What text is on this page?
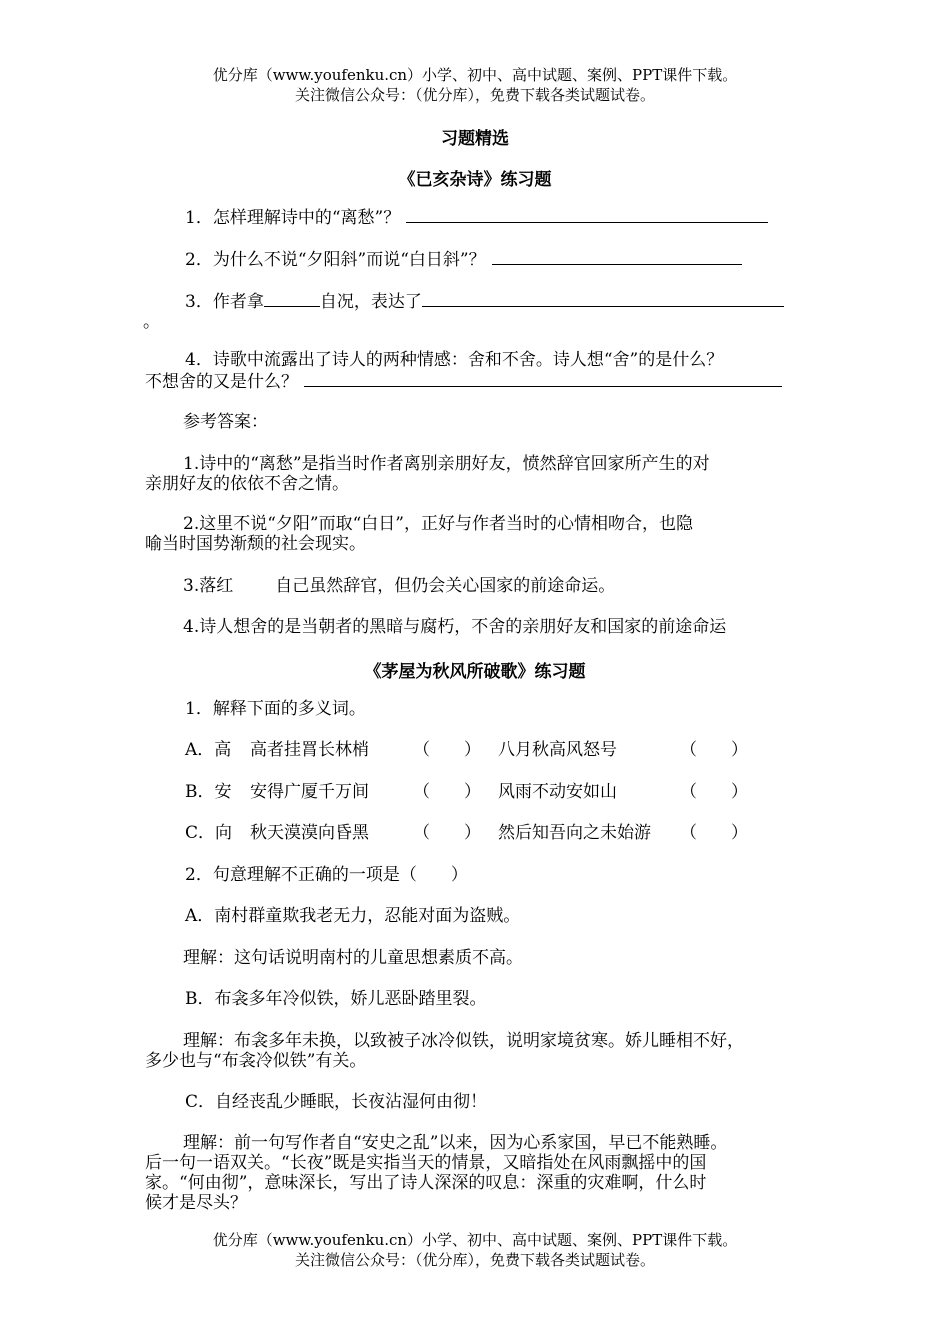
优分库（www.youfenku.cn）小学、初中、高中试题、案例、PPT课件下载。
关注微信公众号：（优分库），免费下载各类试题试卷。
习题精选
《已亥杂诗》练习题
1．怎样理解诗中的“离愁”？
2．为什么不说“夕阳斜”而说“白日斜”？
3．作者拿	自况，表达了
。
4．诗歌中流露出了诗人的两种情感：舍和不舍。诗人想“舍”的是什么？
不想舍的又是什么？
参考答案：
1.诗中的“离愁”是指当时作者离别亲朋好友，愤然辞官回家所产生的对
亲朋好友的依依不舍之情。
2.这里不说“夕阳”而取“白日”，正好与作者当时的心情相吻合，也隐
喻当时国势渐颓的社会现实。
3.落红 自己虽然辞官，但仍会关心国家的前途命运。
4.诗人想舍的是当朝者的黑暗与腐朽，不舍的亲朋好友和国家的前途命运
《茅屋为秋风所破歌》练习题
1．解释下面的多义词。
A．高 高者挂罥长林梢	（　　） 八月秋高风怒号	（　　）
B．安 安得广厦千万间	（　　） 风雨不动安如山	（　　）
C．向 秋天漠漠向昏黑	（　　） 然后知吾向之未始游 （　　）
2．句意理解不正确的一项是（　　）
A．南村群童欺我老无力，忍能对面为盗贼。
理解：这句话说明南村的儿童思想素质不高。
B．布衾多年冷似铁，娇儿恶卧踏里裂。
理解：布衾多年未换，以致被子冰冷似铁，说明家境贫寒。娇儿睡相不好，
多少也与“布衾冷似铁”有关。
C．自经丧乱少睡眠，长夜沾湿何由彻！
理解：前一句写作者自“安史之乱”以来，因为心系家国，早已不能熟睡。
后一句一语双关。“长夜”既是实指当天的情景，又暗指处在风雨飘摇中的国
家。“何由彻”，意味深长，写出了诗人深深的叹息：深重的灾难啊，什么时
候才是尽头？
优分库（www.youfenku.cn）小学、初中、高中试题、案例、PPT课件下载。
关注微信公众号：（优分库），免费下载各类试题试卷。
